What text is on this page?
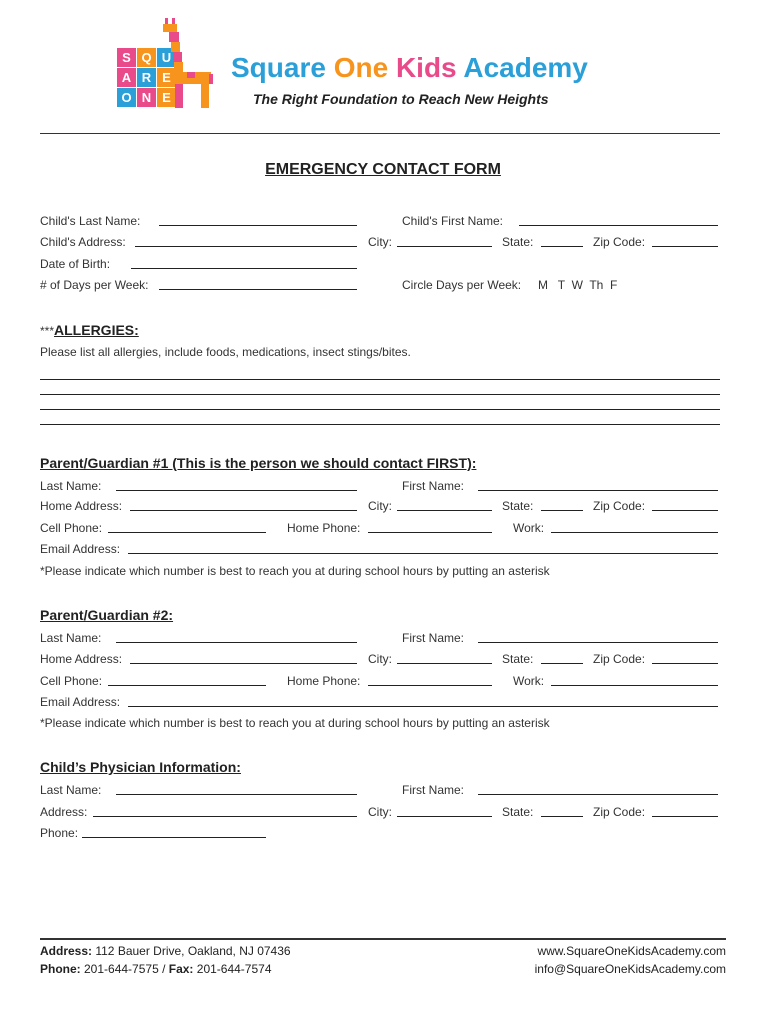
S Q U
A R E
O N E
Square One Kids Academy
The Right Foundation to Reach New Heights
EMERGENCY CONTACT FORM
Child's Last Name:	Child's First Name:
Child's Address:	City:	State:	Zip Code:
Date of Birth:
# of Days per Week:	Circle Days per Week: M   T  W  Th  F
***ALLERGIES:
Please list all allergies, include foods, medications, insect stings/bites.
Parent/Guardian #1 (This is the person we should contact FIRST):
Last Name:	First Name:
Home Address:	City:	State:	Zip Code:
Cell Phone:	Home Phone:	Work:
Email Address:
*Please indicate which number is best to reach you at during school hours by putting an asterisk
Parent/Guardian #2:
Last Name:	First Name:
Home Address:	City:	State:	Zip Code:
Cell Phone:	Home Phone:	Work:
Email Address:
*Please indicate which number is best to reach you at during school hours by putting an asterisk
Child’s Physician Information:
Last Name:	First Name:
Address:	City:	State:	Zip Code:
Phone:
Address: 112 Bauer Drive, Oakland, NJ 07436
Phone: 201-644-7575 / Fax: 201-644-7574
www.SquareOneKidsAcademy.com
info@SquareOneKidsAcademy.com
